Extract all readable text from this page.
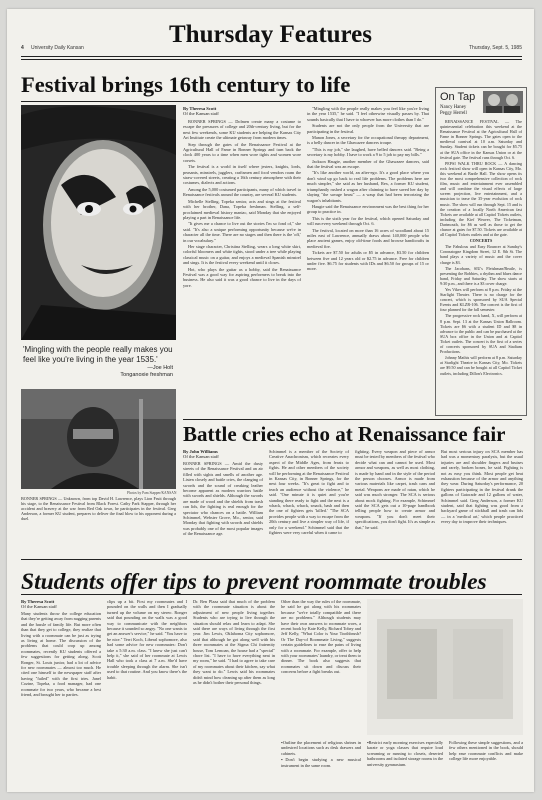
4 University Daily Kansan	Thursday, Sept. 5, 1985
Thursday Features
Festival brings 16th century to life
'Mingling with the people really makes you feel like you're living in the year 1535.'
—Joe Holt
Tonganoxie freshman
Photos by Pam Stapper/KANSAN
BONNER SPRINGS — Unknown, from top David H. Lawrence, plays Lion Fruit through his stage, to the Renaissance Festival from Black Forest. Cathy Park Stapper, through her accident and bravery at the war from Red Oak town, he participates in the festival. Greg Anderson, a former KU student, prepares to deliver the final blow to his opponent during a duel.
By Theresa Scott
Of the Kansan staff

BONNER SPRINGS — Dolmen create many a costume to escape the pressures of college and 20th-century living, but for the next few weekends, some KU students are helping the Kansas City Art Institute create the ultimate getaway from modern times.

Step through the gates of the Renaissance Festival at the Agricultural Hall of Fame in Bonner Springs and turn back the clock 400 years to a time when men wore tights and women wore corsets.

The festival is a world in itself where jesters, knights, lords, peasants, minstrels, jugglers, craftsmen and food vendors roam the straw-covered streets, creating a 16th century atmosphere with their costumes, dialects and actions.

Among the 5,000 costumed participants, many of which travel to Renaissance festivals around the country, are several KU students.

Michelle Stelling, Topeka senior, acts and sings at the festival with her brother, Dana, Topeka freshman. Stelling, a self-proclaimed medieval history maniac, said Monday that she enjoyed playing a part in Renaissance life.

"It gives me a chance to live out the stories I'm so fond of," she said. "It's also a unique performing opportunity because we're in character all the time. There are no stages and then there is the 'off,' in our vocabulary."

Her stage character, Christina Stelling, wears a long white skirt, colorful bloomers and white tights, stood under a tree while playing classical music on a guitar, and enjoys a medieval Spanish minstrel and sings. It is the festival every weekend until it closes.

Hot, who plays the guitar as a hobby, said the Renaissance Festival was a good way for aspiring performers to break into the business. He also said it was a good chance to live in the days of yore.

"Mingling with the people really makes you feel like you're living in the year 1535," he said. "I feel otherwise visually passes by. That sounds basically that I have to whoever has more clothes than I do."

Students are not the only people from the University that are participating in the festival.

Manon Jones, a secretary for the occupational therapy department, is a belly dancer in the Ghawazee dancers troupe.

"This is my job," she laughed, have belled dancers said. "Being a secretary is my hobby. I have to work a 9 to 5 job to pay my bills."

Jackson Haugie, another member of the Ghawazee dancers, said that the festival was an escape.

"It's like another world, an after-ego. It's a good place where you don't wind up go back to real life problems. The problems here are much simpler," she said as her husband, Rex, a former KU student, triumphantly rushed a wagon after claiming to have saved her day by slaying "the savage beast" — a wasp that had been terrorizing the wagon's inhabitants.

Haugie said the Renaissance environment was the best thing for her group to practice in.

This is the sixth year for the festival, which opened Saturday and will run every weekend through Oct. 6.

The festival, located on more than 16 acres of woodland about 15 miles east of Lawrence, annually draws about 140,000 people who place ancient games, enjoy old-time foods and browse handicrafts in medieval fire.

Tickets are $7.50 for adults or $5 in advance, $3.50 for children between five and 12 years old or $2.75 in advance. Free for children under five. $6.75 for students with IDs and $6.50 for groups of 15 or more.

On Tap
Nancy Haney
Peggy Herrell

RENAISSANCE FESTIVAL — The quintessential celebration this weekend at the Renaissance Festival at the Agricultural Hall of Fame in Bonner Springs. The gates open to the medieval carnival at 10 a.m. Saturday and Sunday. Student tickets can be bought for $5.75 at the SUA office in the Kansas Union or at the festival gate. The festival runs through Oct. 6.

PEPSI WALK THRU ROCK — A dancing rock festival show will open in Kansas City, Mo. this weekend at Bartle Hall. The show opens its two the most comprehensive collection of rock film, music and entertainment ever assembled and will combine the visual effects of large screen projection, live entertainment, and a musician to tease the 35-year evolution of rock music. The show will run through Sept. 15 and is the creation of a locally North American fast Tickets are available at all Capitol Tickets outlets, including the Kief Weaver, The Ticketman, Dartmouth, for $6 as well as those to get the chance at gates for $7.50. Tickets are available at all Capitol Tickets outlets and at the gate.

CONCERTS

The Fabulous and Easy Bouncer at Sunday's Coronatogne Kingdom Street, 12 E. 8th St. The band plays a variety of music and the cover charge is $3.

The Jacobans, SIU's Fleishman/Beatle, is presenting the Bobbies, a rhythm and blues dance band, Friday and Saturday. The show starts at 9:30 p.m., and there is a $3 cover charge.

Yes Vikes will perform at 8 p.m. Friday at the Starlight Theater. There is no charge for the concert, which is sponsored by SUA Special Events and KLZR-106. The concert is the first of four planned for the fall semester.

The progressive rock band, X, will perform at 8 p.m. Sept. 13 at the Kansas Union Ballroom. Tickets are $6 with a student ID and $8 in advance to the public and can be purchased at the SUA box office in the Union and at Capitol Ticket outlets. The concert is the first of a series of concerts sponsored by SUA and Stadium Productions.

Johnny Mathis will perform at 8 p.m. Saturday at Starlight Theatre in Kansas City, Mo. Tickets are $9.50 and can be bought at all Capitol Ticket outlets, including Dillon's Electronics.

Battle cries echo at Renaissance fair
By John Williams
Of the Kansan staff
BONNER SPRINGS — Amid the dusty streets of the Renaissance Festival and an air filled with sights and smells of another age. Listen closely and battle cries, the clanging of swords and the sound of creaking leather become apparent as modern warriors battle with swords and shields. Although the swords are made of wood and the shields from trash can lids, the fighting is real enough for the spectator who chances on a battle. William Schimmel, Webster Grove, Mo., senior, said Monday that fighting with swords and shields was probably one of the most popular images of the Renaissance age.
Schimmel is a member of the Society of Creative Anachronism, which recreates every aspect of the Middle Ages, from feasts to fights. He and other members of the society will be performing at the Renaissance Festival in Kansas City, in Bonner Springs, for the next four weeks. "It's great to fight and to teach an audience without the violence," he said. "One minute it is quiet and you're standing there ready to fight and the next is a whack, whack, whack, smack, bash and then the one of fighters gets 'killed.' "The SCA provides people with a way to escape from the 20th century and live a simpler way of life, if only for a weekend." Schimmel said that the fighters were very careful when it came to
fighting. Every weapon and piece of armor must be tested by members of the festival who decide what can and cannot be used. Most armor and weapons, as well as most clothing, is made by hand and in the style of the period the person chooses. Armor is made from various materials like carpet, trash cans and metal. Weapons are made of ratan, which he said was much stronger. The SCA is serious about mock fighting. For example, Schimmel said the SCA gets out a 10-page handbook telling people how to create armor and weapons. "If you don't meet their specifications, you don't fight. It's as simple as that," he said.
But most serious injury on SCA member has had was a momentary paralysis, but the usual injuries are and shoulder fingers and bruises and rarely, broken bones, he said. Fighting is not as easy you think. Most people get heat exhaustion because of the armor and anything they wear. During Saturday's performance, 20 fighters participating in the festival drank the gallons of Gatorade and 12 gallons of water, Schimmel said. Greg Anderson, a former KU student, said that fighting was good from a backyard game of stickball and trash can lids — in a 'medical art,' which people practiced every day to improve their techniques.
Students offer tips to prevent roommate troubles
By Theresa Scott
Of the Kansan staff
Many students throw the college education that they're getting away from nagging parents and the hassle of family life. But more often than that they get to college, they realize that living with a roommate can be just as trying as living at home. The discussion of the problems that could crop up among roommates, recently KU students offered a few suggestions for getting along. Scott Ronger, St. Louis junior, had a lot of advice for new roommates — almost too much. He cited one himself to the newspaper staff after having "failed" with the first tries. Janel Cozine, Topeka, a food manager, had one roommate for two years, who became a best friend, and brought her to parties.
clips up a bit. First my roommates and I pounded on the walls and then I gradually turned up the volume on my stereo. Ronger said that pounding on the walls was a good way to communicate with the neighbors because it sounded so angry. "No one wants to get an answer's service," he said. "You have to be nice." Terri Koch, Liberal sophomore, also had some advice for new roommates: Don't take a 5:30 a.m. class. "I knew she just can't help it," she said of her roommate at Lewis Hall who took a class at 7 a.m. She'd have trouble sleeping through the alarm. She isn't used to that routine. And you know there's the habit.
Dr. Ben Plaza said that much of the problem with the roommate situation is about the adjustment of new people living together. Students who are trying to live through the situation should relax and learn to adapt. She said there are ways of living through the first year. Jim Lewis, Oklahoma City sophomore, said that although he got along well with his three roommates at the Sigma Chi fraternity house, Tom Lemoan, the house had a "special" chore list. "I have to have everything neat in my room," he said. "I had to agree to take care of my roommates about their kitchen, say what they want to do." Lewis said his roommates didn't mind how cleaning up after them as long as he didn't bother their personal things.
Other than the way the rules of the roommate, he said he got along with his roommates because "we're totally compatible and there are no problems." Although students may have their own answers to roommate woes, a recent book by Kate Kelly, Richard Tobey and Jeff Kelly, "What Color is Your Toothbrush? Or The Day-of Roommate Living," suggests certain guidelines to ease the pains of living with a roommate. For example, offer to help with your roommates' laundry, or treat them to dinner. The book also suggests that roommates sit down and discuss their concerns before a fight breaks out.

▪Outline the placement of religious shrines in undesired locations such as desk drawers and cabinets.

▪Don't begin studying a new musical instrument in the same room.

▪Restrict early morning exercises especially karate or yoga classes that require loud screaming or running to closets, deserted bathrooms and isolated storage rooms in the university gymnasium.

Following these simple suggestions, and a few others mentioned in the book, should help ease roommate conflicts and make college life more enjoyable.
